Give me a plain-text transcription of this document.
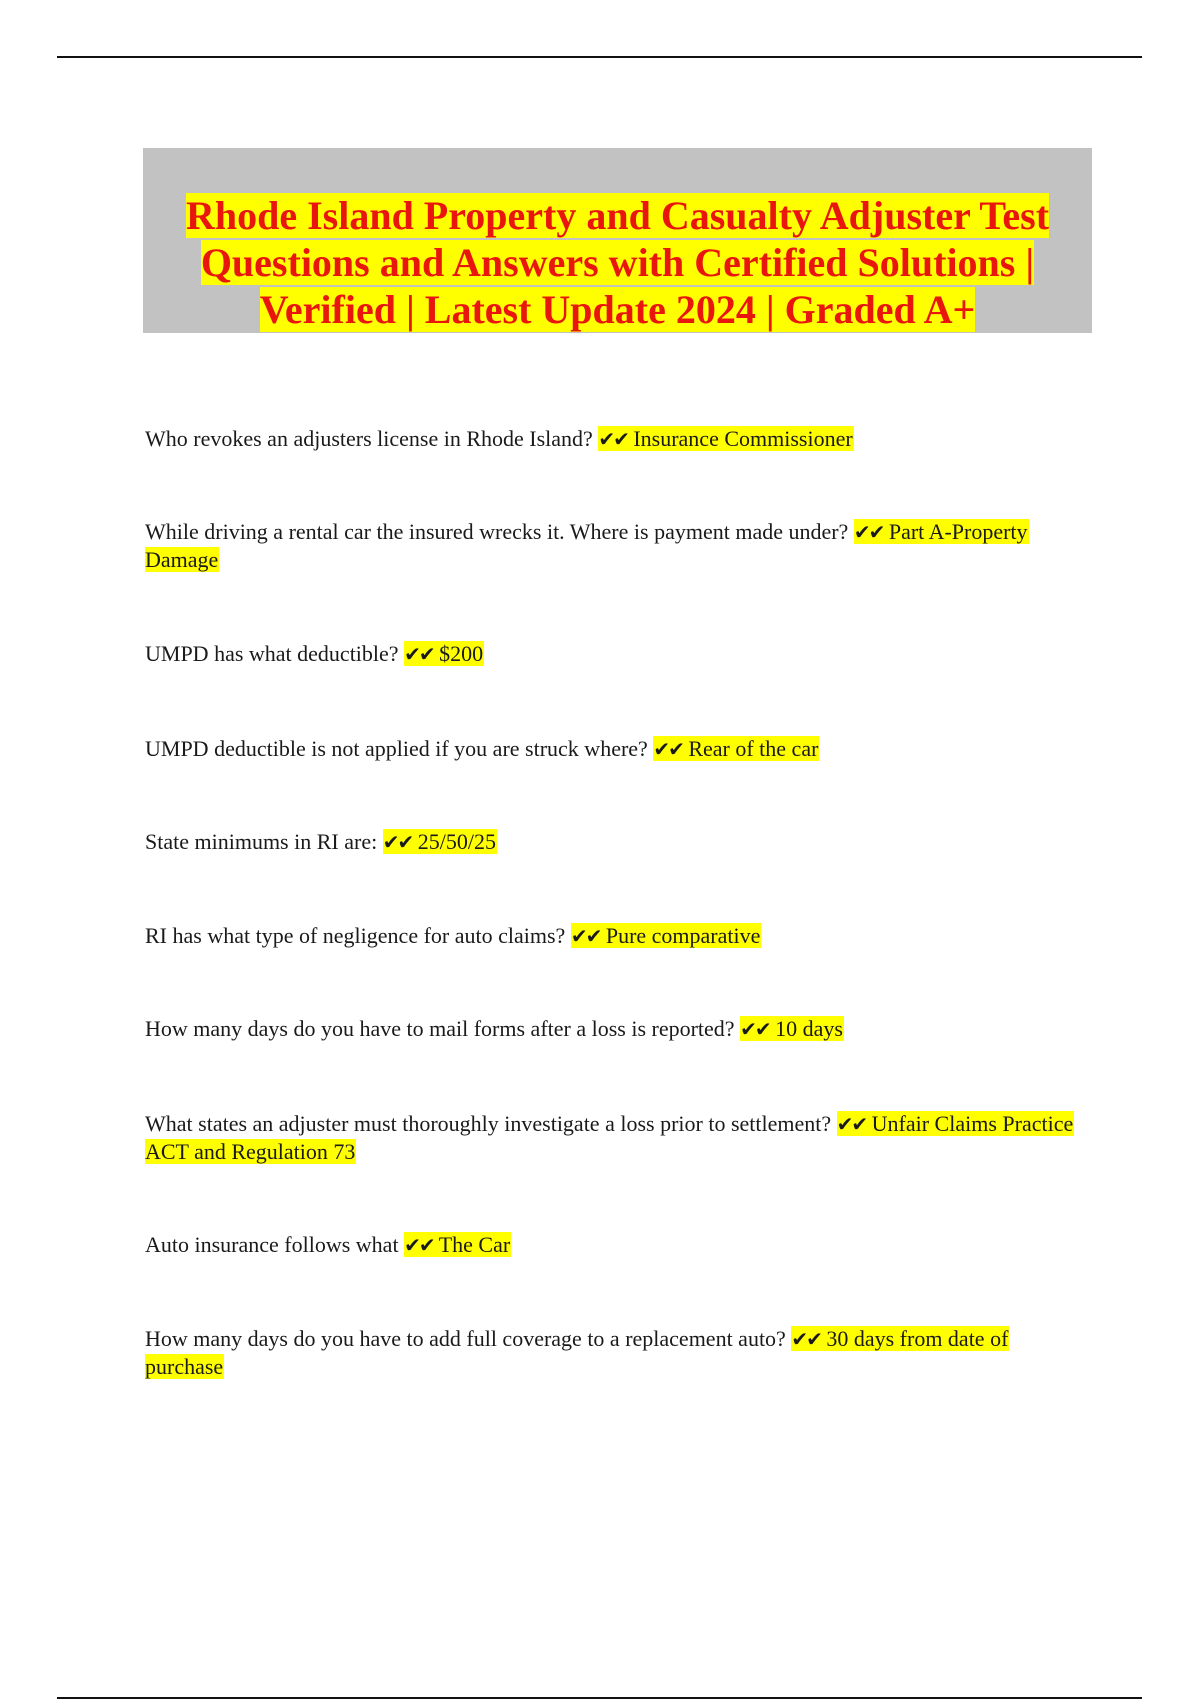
Rhode Island Property and Casualty Adjuster Test Questions and Answers with Certified Solutions | Verified | Latest Update 2024 | Graded A+

Who revokes an adjusters license in Rhode Island? ✔✔ Insurance Commissioner
While driving a rental car the insured wrecks it. Where is payment made under? ✔✔ Part A-Property Damage
UMPD has what deductible? ✔✔ $200
UMPD deductible is not applied if you are struck where? ✔✔ Rear of the car
State minimums in RI are: ✔✔ 25/50/25
RI has what type of negligence for auto claims? ✔✔ Pure comparative
How many days do you have to mail forms after a loss is reported? ✔✔ 10 days
What states an adjuster must thoroughly investigate a loss prior to settlement? ✔✔ Unfair Claims Practice ACT and Regulation 73
Auto insurance follows what ✔✔ The Car
How many days do you have to add full coverage to a replacement auto? ✔✔ 30 days from date of purchase
